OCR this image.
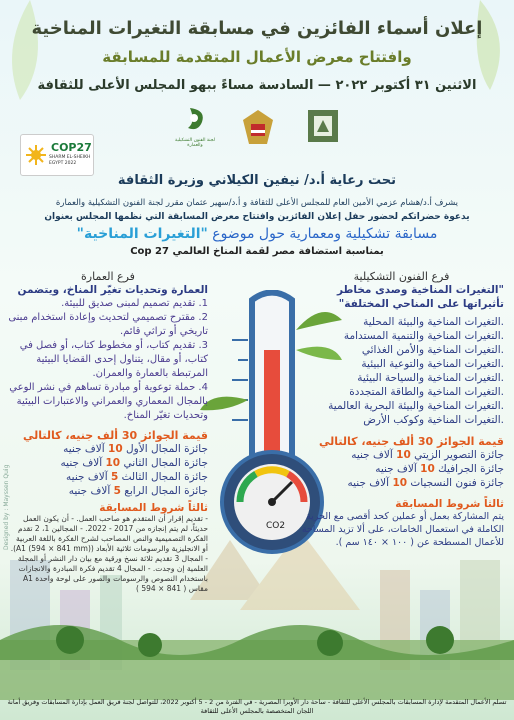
إعلان أسماء الفائزين في مسابقة التغيرات المناخية
وافتتاح معرض الأعمال المتقدمة للمسابقة
الاثنين ٣١ أكتوبر ٢٠٢٢ — السادسة مساءً ببهو المجلس الأعلى للثقافة
COP27
SHARM EL-SHEIKH EGYPT 2022
لجنة الفنون التشكيلية والعمارة
تحت رعاية أ.د/ نيفين الكيلاني وزيرة الثقافة
يشرف أ.د/هشام عزمي الأمين العام للمجلس الأعلى للثقافة و أ.د/سهير عثمان مقرر لجنة الفنون التشكيلية والعمارة
يدعوة حضراتكم لحضور حفل إعلان الفائزين وافتتاح معرض المسابقة التي نظمها المجلس بعنوان
مسابقة تشكيلية ومعمارية حول موضوع "التغيرات المناخية"
بمناسبة استضافة مصر لقمة المناخ العالمي Cop 27
CO2
فرع الفنون التشكيلية
"التغيرات المناخية وصدى مخاطر تأثيراتها على المناحي المختلفة"
.التغيرات المناخية والبيئة المحلية
.التغيرات المناخية والتنمية المستدامة
.التغيرات المناخية والأمن الغذائي
.التغيرات المناخية والتوعية البيئية
.التغيرات المناخية والسياحة البيئية
.التغيرات المناخية والطاقة المتجددة
.التغيرات المناخية والبيئة البحرية العالمية
.التغيرات المناخية وكوكب الأرض
قيمة الجوائز 30 ألف جنيه، كالتالي
جائزة التصوير الزيتي 10 آلاف جنيه
جائزة الجرافيك 10 آلاف جنيه
جائزة فنون النسجيات 10 آلاف جنيه
ثالثاً شروط المسابقة
يتم المشاركة بعمل أو عملين كحد أقصى مع الحرية الكاملة في استعمال الخامات، على ألا تزيد المساحة للأعمال المسطحة عن ( ١٠٠ × ١٤٠ سم ).
فرع العمارة
العمارة وتحديات تغيّر المناخ، ويتضمن
1. تقديم تصميم لمبنى صديق للبيئة.
2. مقترح تصميمي لتحديث وإعادة استخدام مبنى تاريخي أو تراثي قائم.
3. تقديم كتاب، أو مخطوط كتاب، أو فصل في كتاب، أو مقال، يتناول إحدى القضايا البيئية المرتبطة بالعمارة والعمران.
4. حملة توعوية أو مبادرة تساهم في نشر الوعي بالمجال المعماري والعمراني والاعتبارات البيئية وتحديات تغيّر المناخ.
قيمة الجوائز 30 ألف جنيه، كالتالي
جائزة المجال الأول 10 آلاف جنيه
جائزة المجال الثاني 10 آلاف جنيه
جائزة المجال الثالث 5 آلاف جنيه
جائزة المجال الرابع 5 آلاف جنيه
ثالثاً شروط المسابقة
- تقديم إقرار أن المتقدم هو صاحب العمل. - أن يكون العمل حديثاً، لم يتم إنجازه من 2017 - 2022. - المجالين 1، 2 تقدم الفكرة التصميمية والنص المصاحب لشرح الفكرة باللغة العربية أو الانجليزية والرسومات ثلاثية الأبعاد (A1 (594 × 841 mm)). - المجال 3 تقديم ثلاثة نسخ ورقية مع بيان دار النشر أو المجلة العلمية إن وجدت. - المجال 4 تقديم فكرة المبادرة والانجازات باستخدام النصوص والرسومات والصور على لوحة واحدة A1 مقاس ( 841 × 594 )
Designed by : Mayssen Quig
تسلم الأعمال المتقدمة لإدارة المسابقات بالمجلس الأعلى للثقافة - ساحة دار الأوبرا المصرية - في الفترة من 2 - 5 أكتوبر 2022، للتواصل لجنة فريق العمل بإدارة المسابقات وفريق أمانة اللجان المتخصصة بالمجلس الأعلى للثقافة
